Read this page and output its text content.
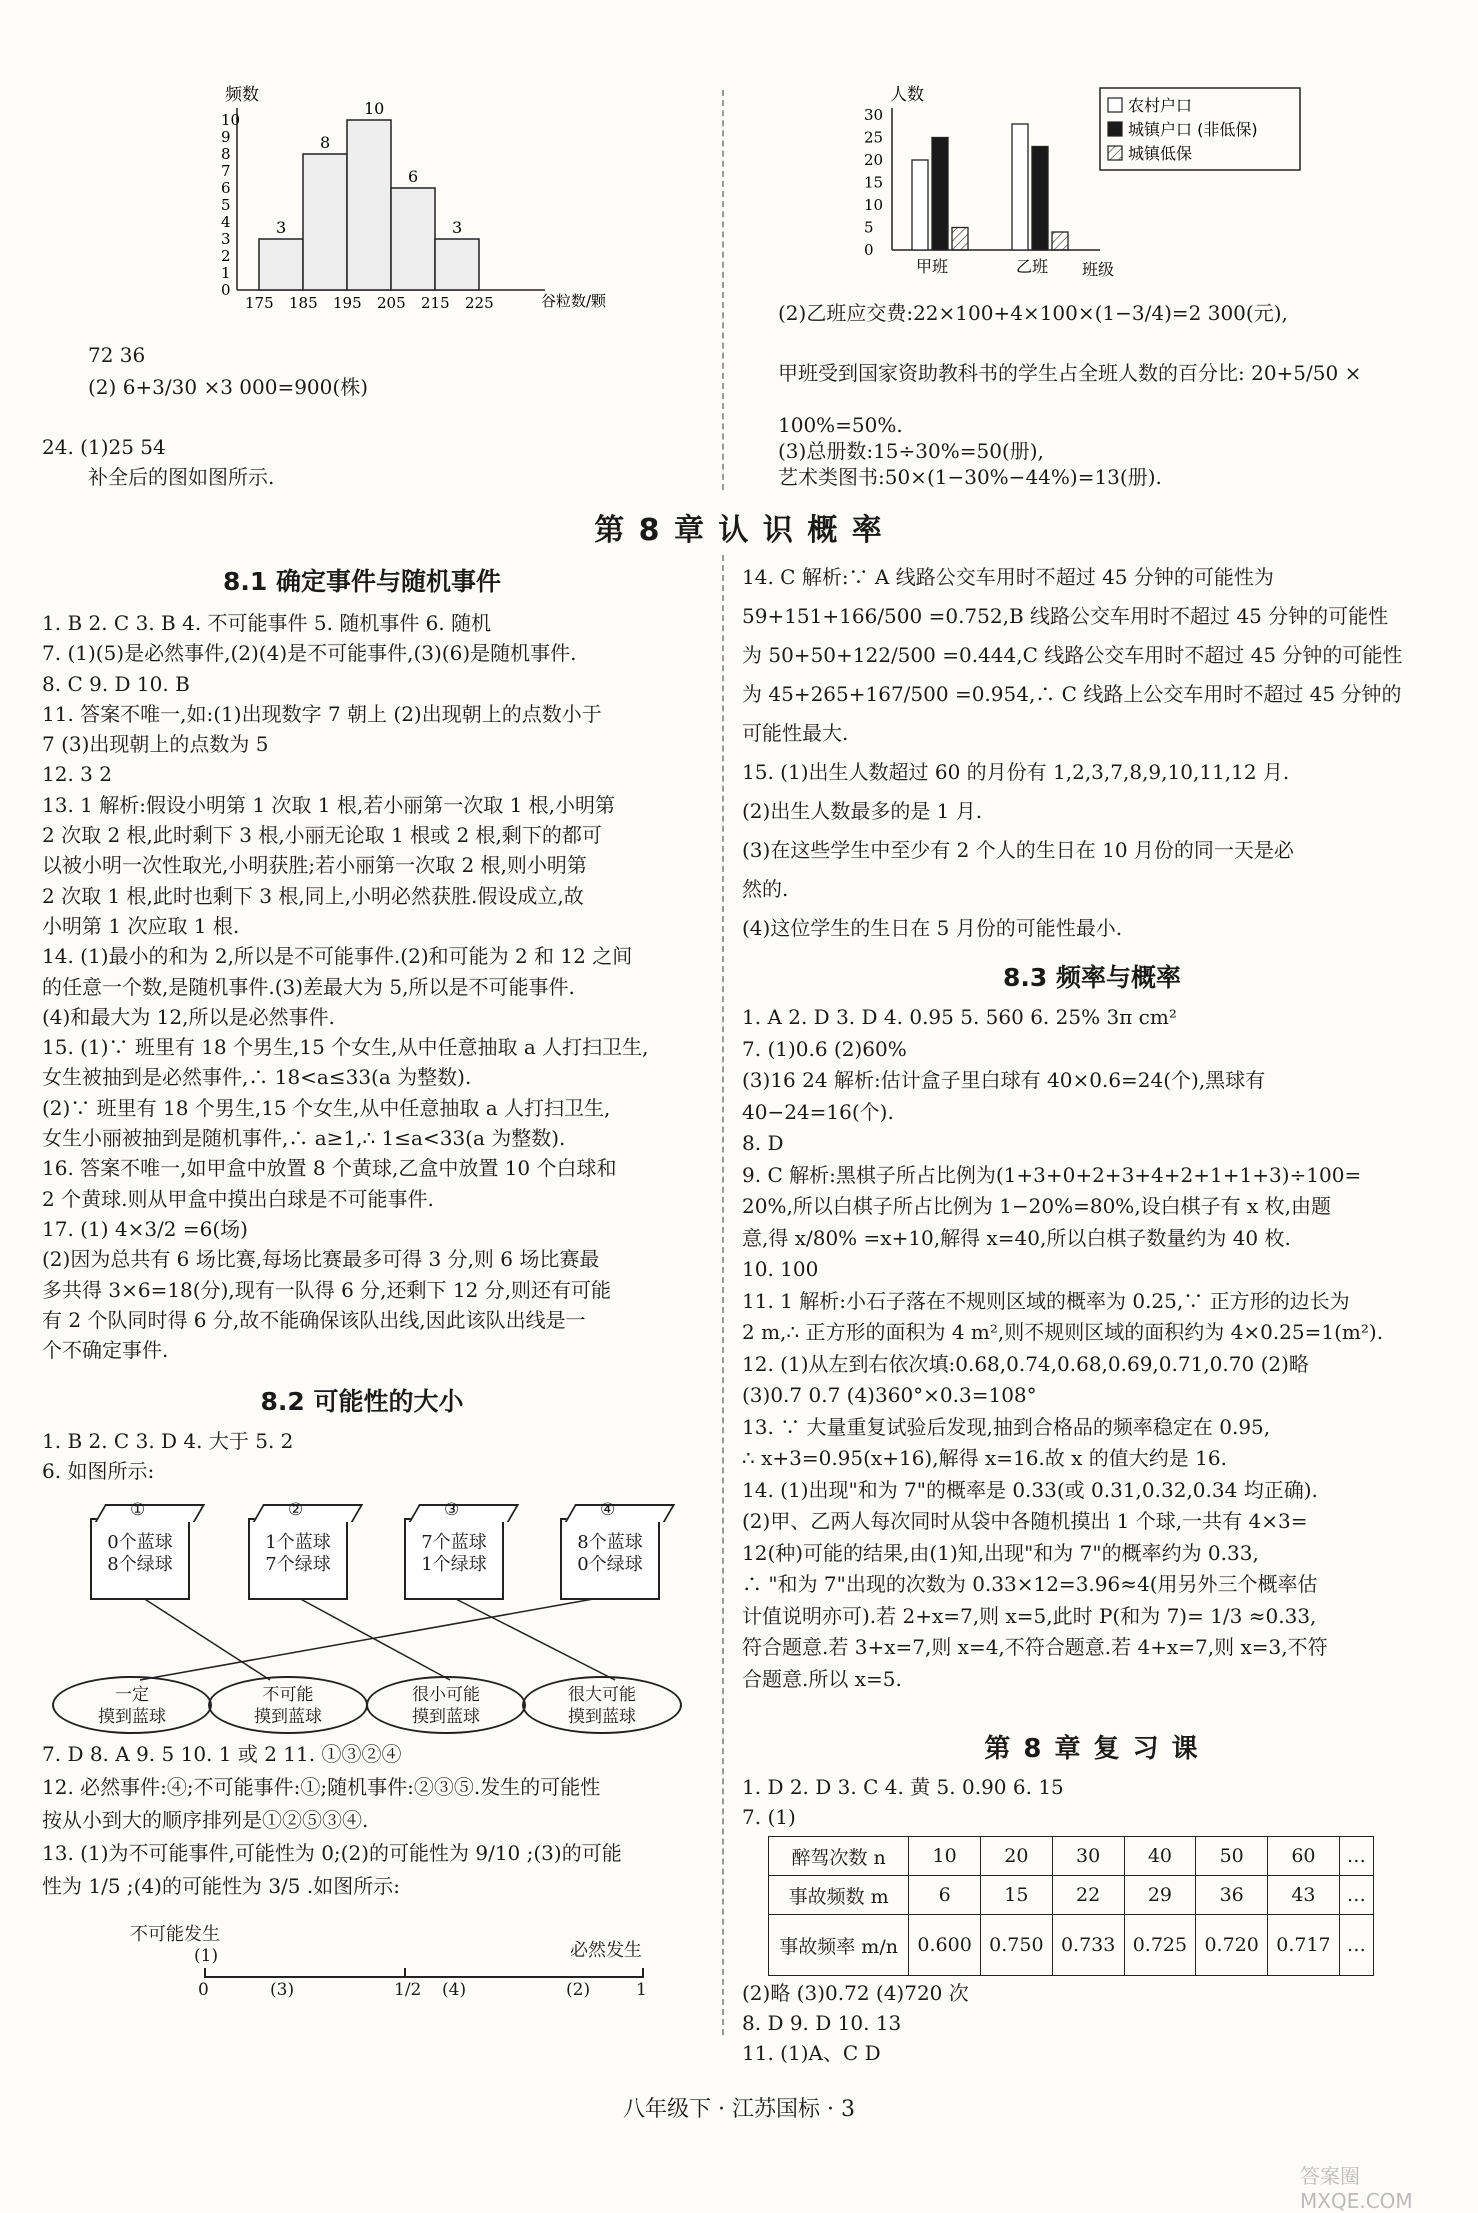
频数
0
1
2
3
4
5
6
7
8
9
10
3
8
10
6
3
175 185 195 205 215 225	谷粒数/颗
72 36
(2) 6+3/30 ×3 000=900(株)
24. (1)25 54
补全后的图如图所示.
人数
0
5
10
15
20
25
30
甲班	乙班 班级
农村户口
城镇户口 (非低保)
城镇低保
(2)乙班应交费:22×100+4×100×(1−3/4)=2 300(元),
甲班受到国家资助教科书的学生占全班人数的百分比: 20+5/50 ×
100%=50%.
(3)总册数:15÷30%=50(册),
艺术类图书:50×(1−30%−44%)=13(册).
第 8 章 认 识 概 率
8.1 确定事件与随机事件
1. B 2. C 3. B 4. 不可能事件 5. 随机事件 6. 随机
7. (1)(5)是必然事件,(2)(4)是不可能事件,(3)(6)是随机事件.
8. C 9. D 10. B
11. 答案不唯一,如:(1)出现数字 7 朝上 (2)出现朝上的点数小于
7 (3)出现朝上的点数为 5
12. 3 2
13. 1 解析:假设小明第 1 次取 1 根,若小丽第一次取 1 根,小明第
2 次取 2 根,此时剩下 3 根,小丽无论取 1 根或 2 根,剩下的都可
以被小明一次性取光,小明获胜;若小丽第一次取 2 根,则小明第
2 次取 1 根,此时也剩下 3 根,同上,小明必然获胜.假设成立,故
小明第 1 次应取 1 根.
14. (1)最小的和为 2,所以是不可能事件.(2)和可能为 2 和 12 之间
的任意一个数,是随机事件.(3)差最大为 5,所以是不可能事件.
(4)和最大为 12,所以是必然事件.
15. (1)∵ 班里有 18 个男生,15 个女生,从中任意抽取 a 人打扫卫生,
女生被抽到是必然事件,∴ 18<a≤33(a 为整数).
(2)∵ 班里有 18 个男生,15 个女生,从中任意抽取 a 人打扫卫生,
女生小丽被抽到是随机事件,∴ a≥1,∴ 1≤a<33(a 为整数).
16. 答案不唯一,如甲盒中放置 8 个黄球,乙盒中放置 10 个白球和
2 个黄球.则从甲盒中摸出白球是不可能事件.
17. (1) 4×3/2 =6(场)
(2)因为总共有 6 场比赛,每场比赛最多可得 3 分,则 6 场比赛最
多共得 3×6=18(分),现有一队得 6 分,还剩下 12 分,则还有可能
有 2 个队同时得 6 分,故不能确保该队出线,因此该队出线是一
个不确定事件.
8.2 可能性的大小
1. B 2. C 3. D 4. 大于 5. 2
6. 如图所示:
①
0个蓝球
8个绿球
②
1个蓝球
7个绿球
③
7个蓝球
1个绿球
④
8个蓝球
0个绿球
一定
摸到蓝球
不可能
摸到蓝球
很小可能
摸到蓝球
很大可能
摸到蓝球
7. D 8. A 9. 5 10. 1 或 2 11. ①③②④
12. 必然事件:④;不可能事件:①;随机事件:②③⑤.发生的可能性
按从小到大的顺序排列是①②⑤③④.
13. (1)为不可能事件,可能性为 0;(2)的可能性为 9/10 ;(3)的可能
性为 1/5 ;(4)的可能性为 3/5 .如图所示:
不可能发生
必然发生
(1)
0	(3)	1/2 (4)	(2)	1
14. C 解析:∵ A 线路公交车用时不超过 45 分钟的可能性为
59+151+166/500 =0.752,B 线路公交车用时不超过 45 分钟的可能性
为 50+50+122/500 =0.444,C 线路公交车用时不超过 45 分钟的可能性
为 45+265+167/500 =0.954,∴ C 线路上公交车用时不超过 45 分钟的
可能性最大.
15. (1)出生人数超过 60 的月份有 1,2,3,7,8,9,10,11,12 月.
(2)出生人数最多的是 1 月.
(3)在这些学生中至少有 2 个人的生日在 10 月份的同一天是必
然的.
(4)这位学生的生日在 5 月份的可能性最小.
8.3 频率与概率
1. A 2. D 3. D 4. 0.95 5. 560 6. 25% 3π cm²
7. (1)0.6 (2)60%
(3)16 24 解析:估计盒子里白球有 40×0.6=24(个),黑球有
40−24=16(个).
8. D
9. C 解析:黑棋子所占比例为(1+3+0+2+3+4+2+1+1+3)÷100=
20%,所以白棋子所占比例为 1−20%=80%,设白棋子有 x 枚,由题
意,得 x/80% =x+10,解得 x=40,所以白棋子数量约为 40 枚.
10. 100
11. 1 解析:小石子落在不规则区域的概率为 0.25,∵ 正方形的边长为
2 m,∴ 正方形的面积为 4 m²,则不规则区域的面积约为 4×0.25=1(m²).
12. (1)从左到右依次填:0.68,0.74,0.68,0.69,0.71,0.70 (2)略
(3)0.7 0.7 (4)360°×0.3=108°
13. ∵ 大量重复试验后发现,抽到合格品的频率稳定在 0.95,
∴ x+3=0.95(x+16),解得 x=16.故 x 的值大约是 16.
14. (1)出现"和为 7"的概率是 0.33(或 0.31,0.32,0.34 均正确).
(2)甲、乙两人每次同时从袋中各随机摸出 1 个球,一共有 4×3=
12(种)可能的结果,由(1)知,出现"和为 7"的概率约为 0.33,
∴ "和为 7"出现的次数为 0.33×12=3.96≈4(用另外三个概率估
计值说明亦可).若 2+x=7,则 x=5,此时 P(和为 7)= 1/3 ≈0.33,
符合题意.若 3+x=7,则 x=4,不符合题意.若 4+x=7,则 x=3,不符
合题意.所以 x=5.
第 8 章 复 习 课
1. D 2. D 3. C 4. 黄 5. 0.90 6. 15
7. (1)
醉驾次数 n	10	20	30	40	50	60	…
事故频数 m	6	15	22	29	36	43	…
事故频率 m/n	0.600	0.750	0.733	0.725	0.720	0.717	…
(2)略 (3)0.72 (4)720 次
8. D 9. D 10. 13
11. (1)A、C D
八年级下 · 江苏国标 · 3
答案圈 MXQE.COM
